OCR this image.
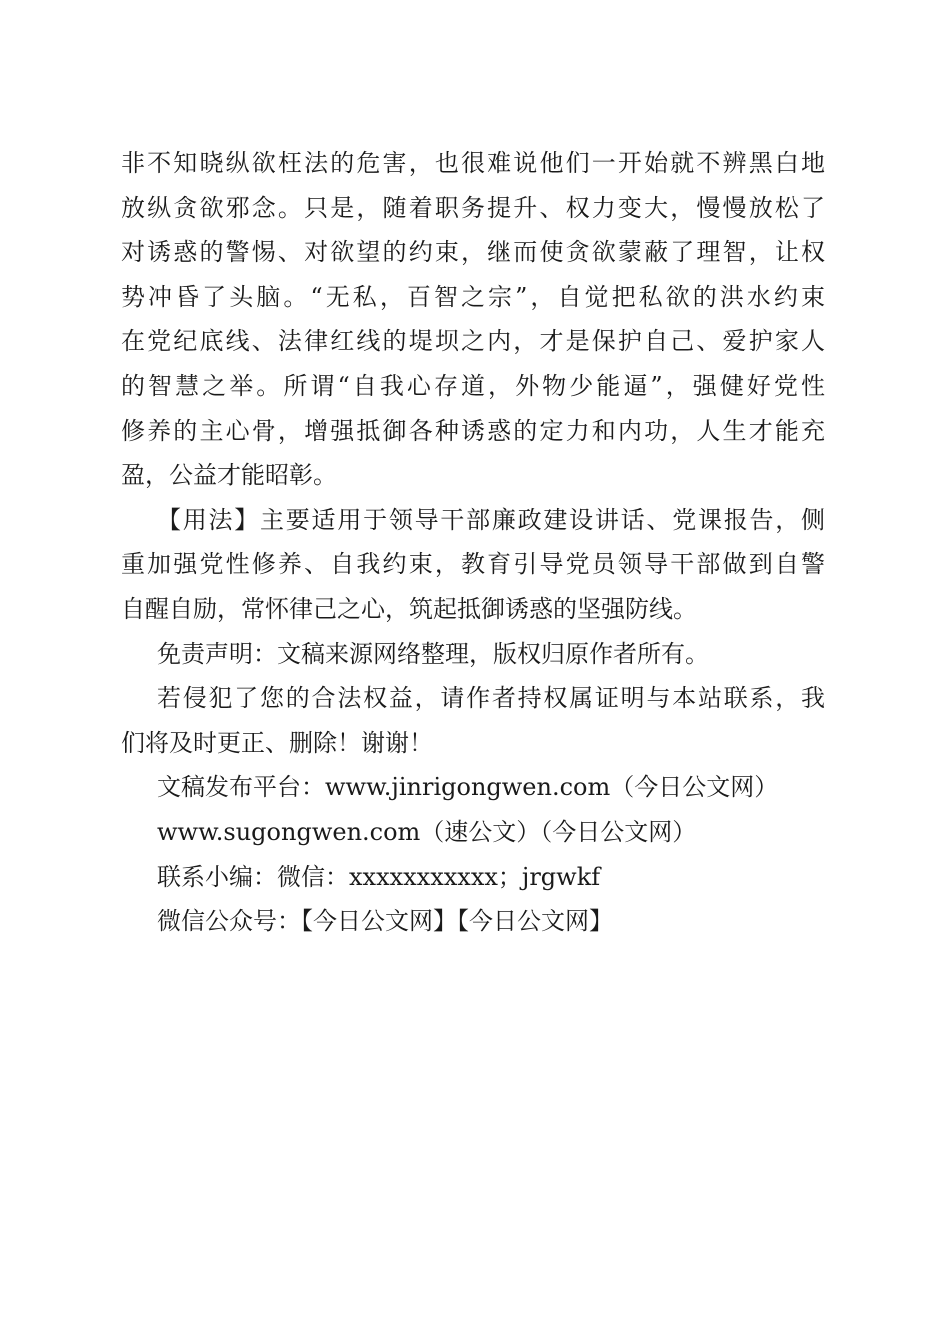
非不知晓纵欲枉法的危害，也很难说他们一开始就不辨黑白地
放纵贪欲邪念。只是，随着职务提升、权力变大，慢慢放松了
对诱惑的警惕、对欲望的约束，继而使贪欲蒙蔽了理智，让权
势冲昏了头脑。“无私，百智之宗”，自觉把私欲的洪水约束
在党纪底线、法律红线的堤坝之内，才是保护自己、爱护家人
的智慧之举。所谓“自我心存道，外物少能逼”，强健好党性
修养的主心骨，增强抵御各种诱惑的定力和内功，人生才能充
盈，公益才能昭彰。
【用法】主要适用于领导干部廉政建设讲话、党课报告，侧
重加强党性修养、自我约束，教育引导党员领导干部做到自警
自醒自励，常怀律己之心，筑起抵御诱惑的坚强防线。
免责声明：文稿来源网络整理，版权归原作者所有。
若侵犯了您的合法权益，请作者持权属证明与本站联系，我
们将及时更正、删除！谢谢！
文稿发布平台：www.jinrigongwen.com（今日公文网）
www.sugongwen.com（速公文）（今日公文网）
联系小编：微信：xxxxxxxxxxx；jrgwkf
微信公众号：【今日公文网】【今日公文网】
